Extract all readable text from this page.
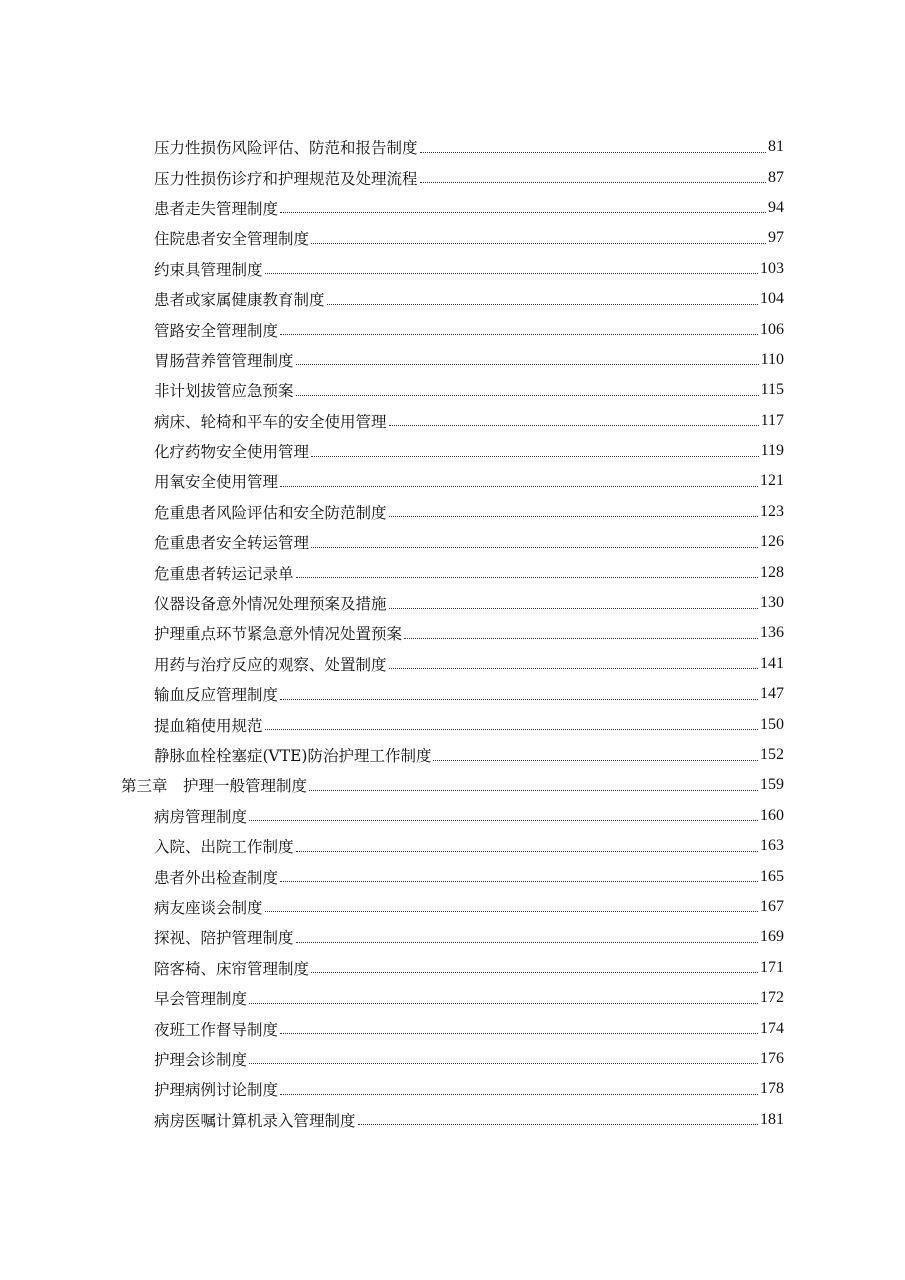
压力性损伤风险评估、防范和报告制度	81
压力性损伤诊疗和护理规范及处理流程	87
患者走失管理制度	94
住院患者安全管理制度	97
约束具管理制度	103
患者或家属健康教育制度	104
管路安全管理制度	106
胃肠营养管管理制度	110
非计划拔管应急预案	115
病床、轮椅和平车的安全使用管理	117
化疗药物安全使用管理	119
用氧安全使用管理	121
危重患者风险评估和安全防范制度	123
危重患者安全转运管理	126
危重患者转运记录单	128
仪器设备意外情况处理预案及措施	130
护理重点环节紧急意外情况处置预案	136
用药与治疗反应的观察、处置制度	141
输血反应管理制度	147
提血箱使用规范	150
静脉血栓栓塞症(VTE)防治护理工作制度	152
第三章　护理一般管理制度	159
病房管理制度	160
入院、出院工作制度	163
患者外出检查制度	165
病友座谈会制度	167
探视、陪护管理制度	169
陪客椅、床帘管理制度	171
早会管理制度	172
夜班工作督导制度	174
护理会诊制度	176
护理病例讨论制度	178
病房医嘱计算机录入管理制度	181
